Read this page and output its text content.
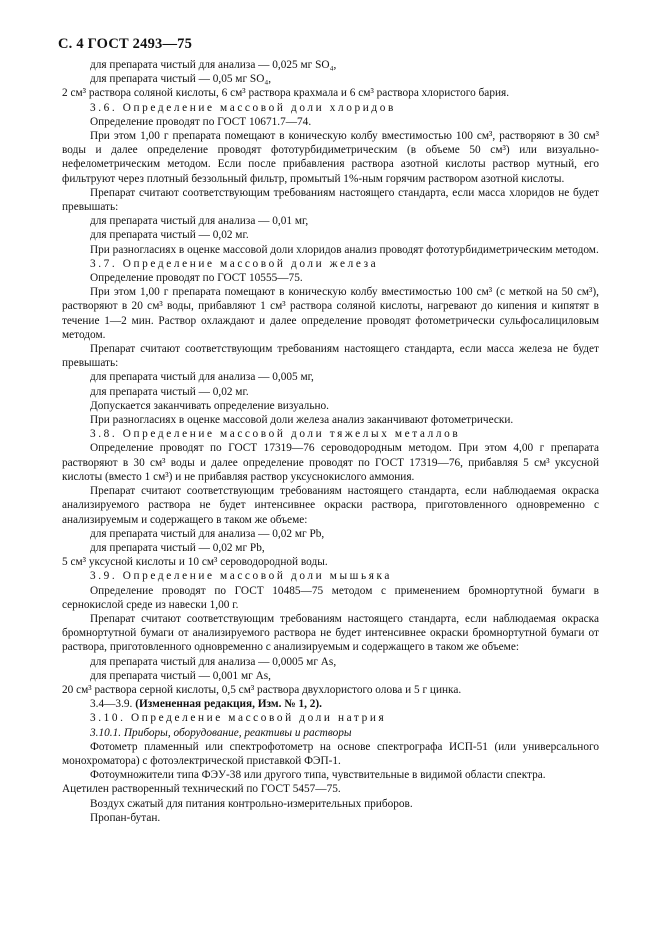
С. 4 ГОСТ 2493—75

для препарата чистый для анализа — 0,025 мг SO₄,

для препарата чистый — 0,05 мг SO₄,

2 см³ раствора соляной кислоты, 6 см³ раствора крахмала и 6 см³ раствора хлористого бария.

3.6. Определение массовой доли хлоридов

Определение проводят по ГОСТ 10671.7—74.

При этом 1,00 г препарата помещают в коническую колбу вместимостью 100 см³, растворяют в 30 см³ воды и далее определение проводят фототурбидиметрическим (в объеме 50 см³) или визуально-нефелометрическим методом. Если после прибавления раствора азотной кислоты раствор мутный, его фильтруют через плотный беззольный фильтр, промытый 1%-ным горячим раствором азотной кислоты.

Препарат считают соответствующим требованиям настоящего стандарта, если масса хлоридов не будет превышать:

для препарата чистый для анализа — 0,01 мг,

для препарата чистый — 0,02 мг.

При разногласиях в оценке массовой доли хлоридов анализ проводят фототурбидиметрическим методом.

3.7. Определение массовой доли железа

Определение проводят по ГОСТ 10555—75.

При этом 1,00 г препарата помещают в коническую колбу вместимостью 100 см³ (с меткой на 50 см³), растворяют в 20 см³ воды, прибавляют 1 см³ раствора соляной кислоты, нагревают до кипения и кипятят в течение 1—2 мин. Раствор охлаждают и далее определение проводят фотометрически сульфосалициловым методом.

Препарат считают соответствующим требованиям настоящего стандарта, если масса железа не будет превышать:

для препарата чистый для анализа — 0,005 мг,

для препарата чистый — 0,02 мг.

Допускается заканчивать определение визуально.

При разногласиях в оценке массовой доли железа анализ заканчивают фотометрически.

3.8. Определение массовой доли тяжелых металлов

Определение проводят по ГОСТ 17319—76 сероводородным методом. При этом 4,00 г препарата растворяют в 30 см³ воды и далее определение проводят по ГОСТ 17319—76, прибавляя 5 см³ уксусной кислоты (вместо 1 см³) и не прибавляя раствор уксуснокислого аммония.

Препарат считают соответствующим требованиям настоящего стандарта, если наблюдаемая окраска анализируемого раствора не будет интенсивнее окраски раствора, приготовленного одновременно с анализируемым и содержащего в таком же объеме:

для препарата чистый для анализа — 0,02 мг Pb,

для препарата чистый — 0,02 мг Pb,

5 см³ уксусной кислоты и 10 см³ сероводородной воды.

3.9. Определение массовой доли мышьяка

Определение проводят по ГОСТ 10485—75 методом с применением бромнортутной бумаги в сернокислой среде из навески 1,00 г.

Препарат считают соответствующим требованиям настоящего стандарта, если наблюдаемая окраска бромнортутной бумаги от анализируемого раствора не будет интенсивнее окраски бромнортутной бумаги от раствора, приготовленного одновременно с анализируемым и содержащего в таком же объеме:

для препарата чистый для анализа — 0,0005 мг As,

для препарата чистый — 0,001 мг As,

20 см³ раствора серной кислоты, 0,5 см³ раствора двухлористого олова и 5 г цинка.

3.4—3.9. (Измененная редакция, Изм. № 1, 2).

3.10. Определение массовой доли натрия

3.10.1. Приборы, оборудование, реактивы и растворы

Фотометр пламенный или спектрофотометр на основе спектрографа ИСП-51 (или универсального монохроматора) с фотоэлектрической приставкой ФЭП-1.

Фотоумножители типа ФЭУ-38 или другого типа, чувствительные в видимой области спектра.

Ацетилен растворенный технический по ГОСТ 5457—75.

Воздух сжатый для питания контрольно-измерительных приборов.

Пропан-бутан.
